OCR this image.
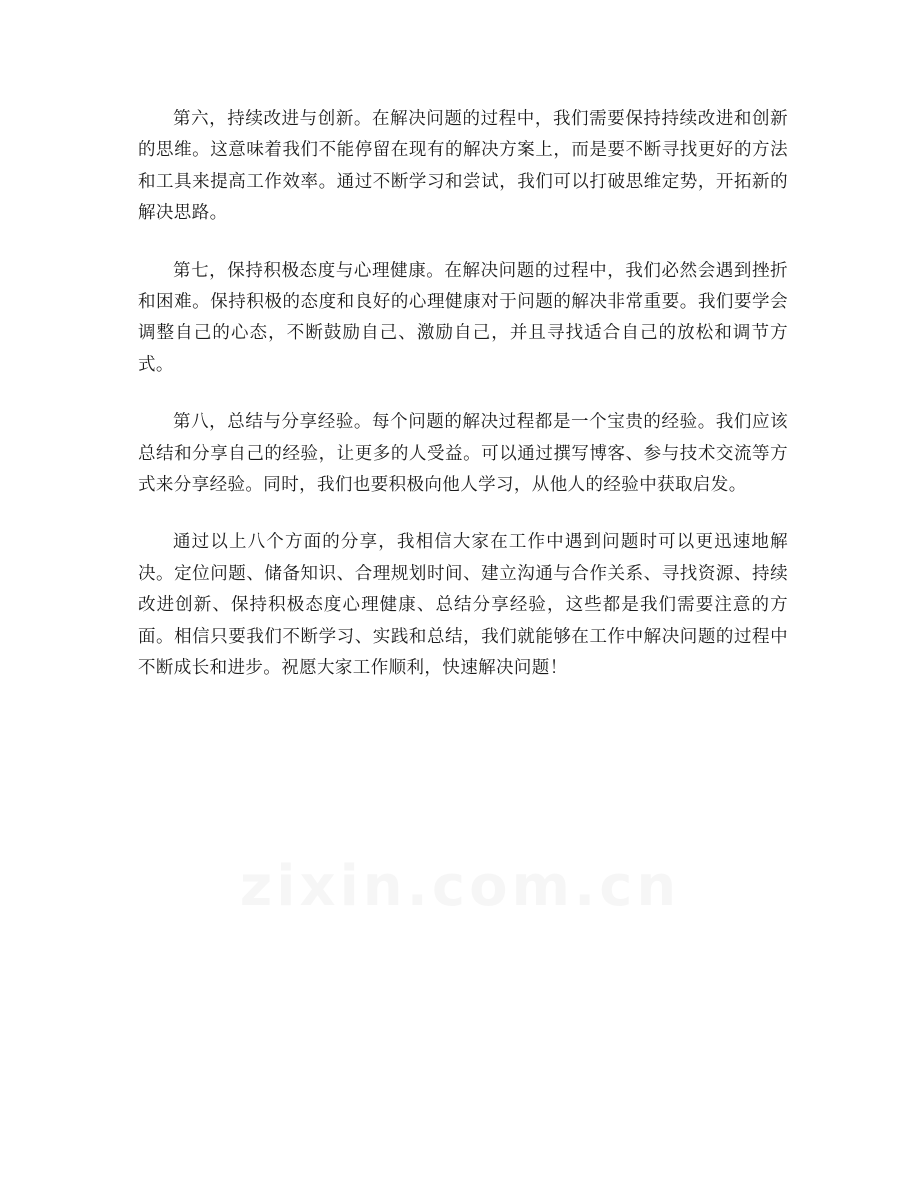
第六，持续改进与创新。在解决问题的过程中，我们需要保持持续改进和创新的思维。这意味着我们不能停留在现有的解决方案上，而是要不断寻找更好的方法和工具来提高工作效率。通过不断学习和尝试，我们可以打破思维定势，开拓新的解决思路。

第七，保持积极态度与心理健康。在解决问题的过程中，我们必然会遇到挫折和困难。保持积极的态度和良好的心理健康对于问题的解决非常重要。我们要学会调整自己的心态，不断鼓励自己、激励自己，并且寻找适合自己的放松和调节方式。

第八，总结与分享经验。每个问题的解决过程都是一个宝贵的经验。我们应该总结和分享自己的经验，让更多的人受益。可以通过撰写博客、参与技术交流等方式来分享经验。同时，我们也要积极向他人学习，从他人的经验中获取启发。

通过以上八个方面的分享，我相信大家在工作中遇到问题时可以更迅速地解决。定位问题、储备知识、合理规划时间、建立沟通与合作关系、寻找资源、持续改进创新、保持积极态度心理健康、总结分享经验，这些都是我们需要注意的方面。相信只要我们不断学习、实践和总结，我们就能够在工作中解决问题的过程中不断成长和进步。祝愿大家工作顺利，快速解决问题！
